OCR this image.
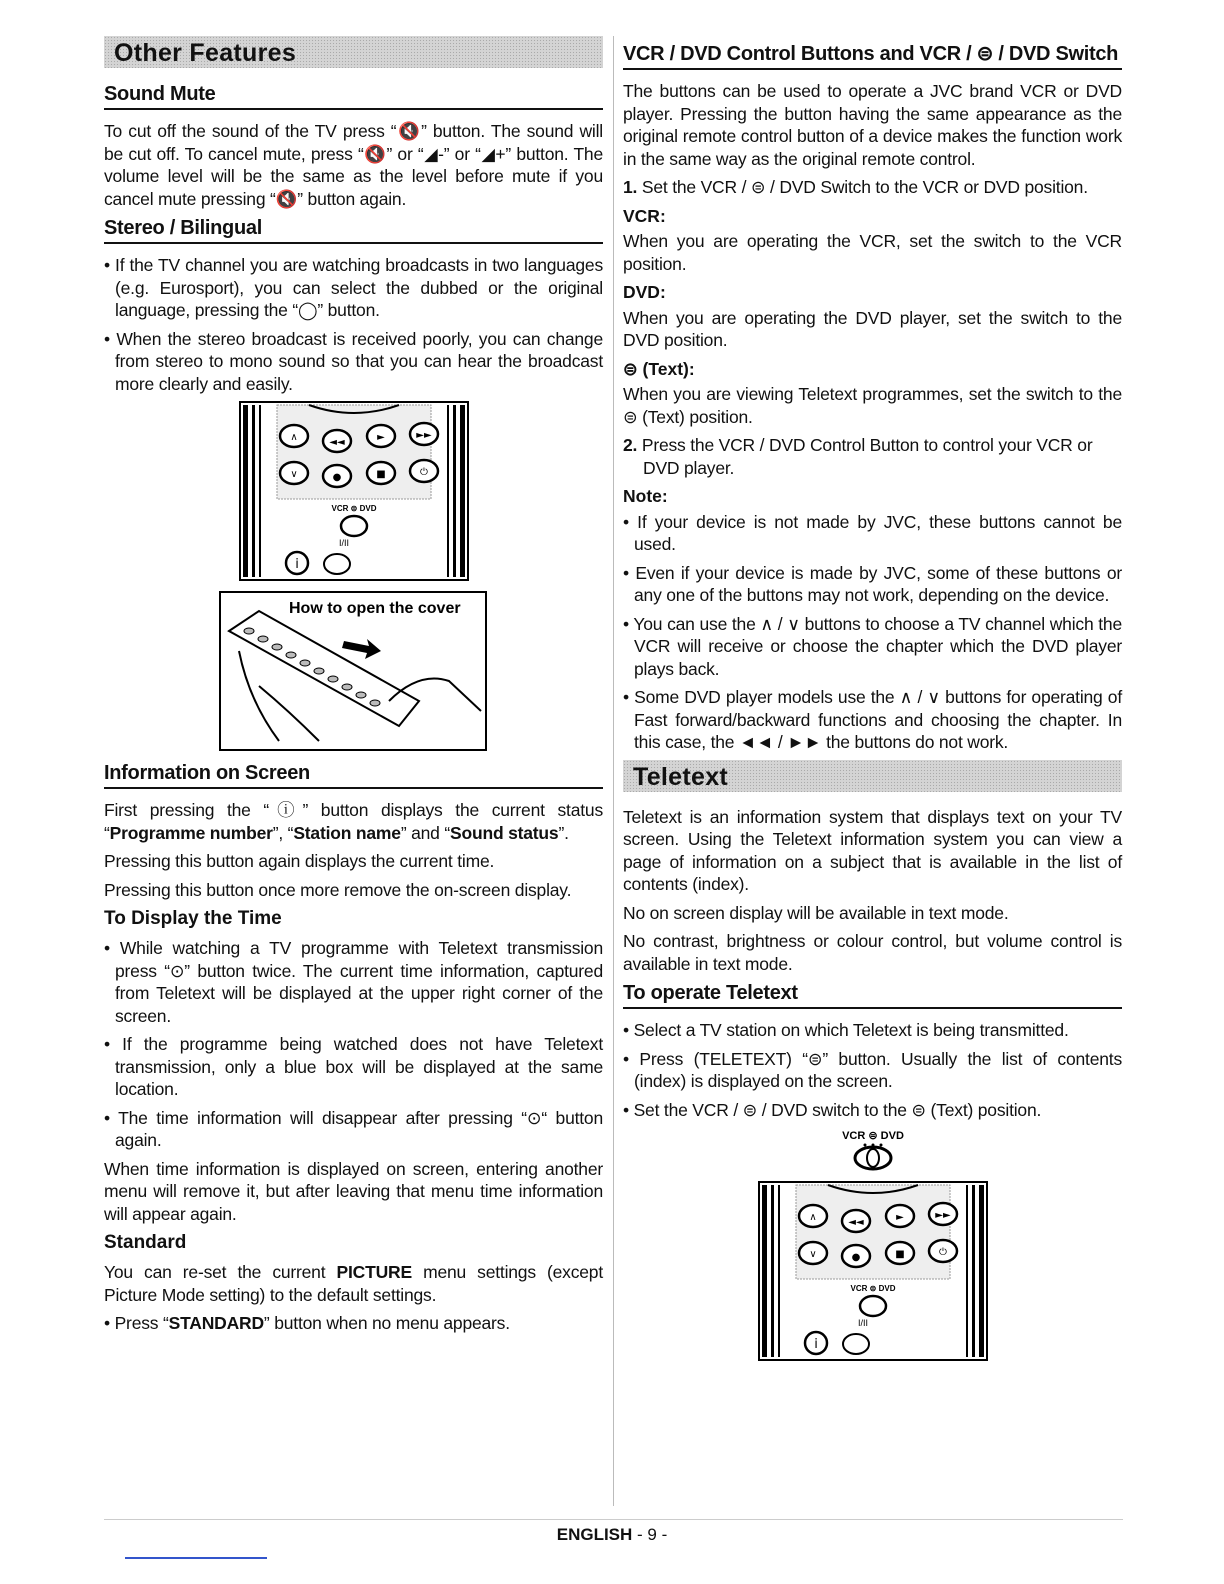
Other Features
Sound Mute
To cut off the sound of the TV press “🔇” button. The sound will be cut off. To cancel mute, press “🔇” or “◢-” or “◢+” button. The volume level will be the same as the level before mute if you cancel mute pressing “🔇” button again.
Stereo / Bilingual
• If the TV channel you are watching broadcasts in two languages (e.g. Eurosport), you can select the dubbed or the original language, pressing the “◯” button.
• When the stereo broadcast is received poorly, you can change from stereo to mono sound so that you can hear the broadcast more clearly and easily.
∧	◄◄	►	►►
∨	●	■	⏻
VCR ⊜ DVD
i
I/II
How to open the cover
Information on Screen
First pressing the “ⓘ” button displays the current status “Programme number”, “Station name” and “Sound status”.
Pressing this button again displays the current time.
Pressing this button once more remove the on-screen display.
To Display the Time
• While watching a TV programme with Teletext transmission press “⊙” button twice. The current time information, captured from Teletext will be displayed at the upper right corner of the screen.
• If the programme being watched does not have Teletext transmission, only a blue box will be displayed at the same location.
• The time information will disappear after pressing “⊙“ button again.
When time information is displayed on screen, entering another menu will remove it, but after leaving that menu time information will appear again.
Standard
You can re-set the current PICTURE menu settings (except Picture Mode setting) to the default settings.
• Press “STANDARD” button when no menu appears.
VCR / DVD Control Buttons and VCR / ⊜ / DVD Switch
The buttons can be used to operate a JVC brand VCR or DVD player. Pressing the button having the same appearance as the original remote control button of a device makes the function work in the same way as the original remote control.
1. Set the VCR / ⊜ / DVD Switch to the VCR or DVD position.
VCR:
When you are operating the VCR, set the switch to the VCR position.
DVD:
When you are operating the DVD player, set the switch to the DVD position.
⊜ (Text):
When you are viewing Teletext programmes, set the switch to the ⊜ (Text) position.
2. Press the VCR / DVD Control Button to control your VCR or DVD player.
Note:
• If your device is not made by JVC, these buttons cannot be used.
• Even if your device is made by JVC, some of these buttons or any one of the buttons may not work, depending on the device.
• You can use the ∧ / ∨ buttons to choose a TV channel which the VCR will receive or choose the chapter which the DVD player plays back.
• Some DVD player models use the ∧ / ∨ buttons for operating of Fast forward/backward functions and choosing the chapter. In this case, the ◄◄ / ►► the buttons do not work.
Teletext
Teletext is an information system that displays text on your TV screen. Using the Teletext information system you can view a page of information on a subject that is available in the list of contents (index).
No on screen display will be available in text mode.
No contrast, brightness or colour control, but volume control is available in text mode.
To operate Teletext
• Select a TV station on which Teletext is being transmitted.
• Press (TELETEXT) “⊜” button. Usually the list of contents (index) is displayed on the screen.
• Set the VCR / ⊜ / DVD switch to the ⊜ (Text) position.
VCR ⊜ DVD
∧	◄◄	►	►►
∨	●	■	⏻
VCR ⊜ DVD
i
I/II
ENGLISH - 9 -
